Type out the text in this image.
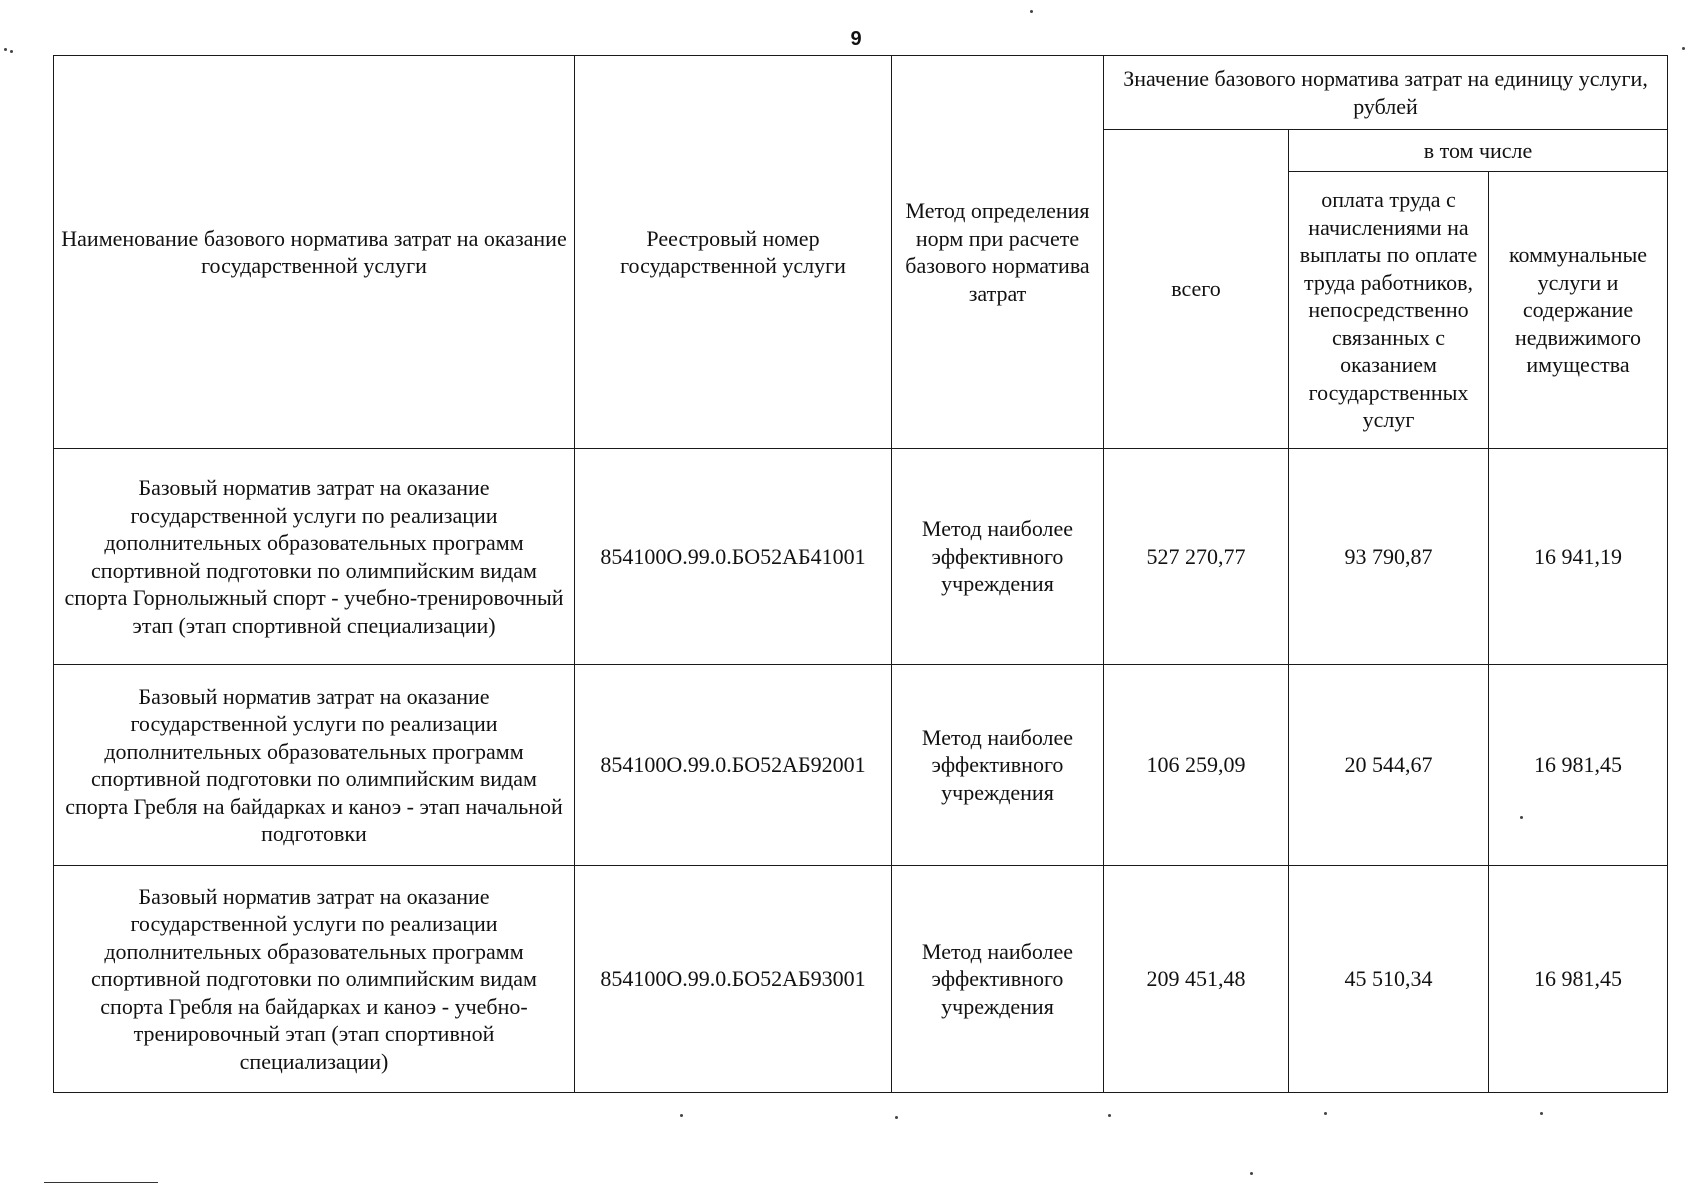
9
Наименование базового норматива затрат на оказание государственной услуги	Реестровый номер государственной услуги	Метод определения норм при расчете базового норматива затрат	Значение базового норматива затрат на единицу услуги, рублей		
			всего	в том числе	
				оплата труда с начислениями на выплаты по оплате труда работников, непосредственно связанных с оказанием государственных услуг	коммунальные услуги и содержание недвижимого имущества
Базовый норматив затрат на оказание государственной услуги по реализации дополнительных образовательных программ спортивной подготовки по олимпийским видам спорта Горнолыжный спорт - учебно-тренировочный этап (этап спортивной специализации)	854100О.99.0.БО52АБ41001	Метод наиболее эффективного учреждения	527 270,77	93 790,87	16 941,19
Базовый норматив затрат на оказание государственной услуги по реализации дополнительных образовательных программ спортивной подготовки по олимпийским видам спорта Гребля на байдарках и каноэ - этап начальной подготовки	854100О.99.0.БО52АБ92001	Метод наиболее эффективного учреждения	106 259,09	20 544,67	16 981,45
Базовый норматив затрат на оказание государственной услуги по реализации дополнительных образовательных программ спортивной подготовки по олимпийским видам спорта Гребля на байдарках и каноэ - учебно-тренировочный этап (этап спортивной специализации)	854100О.99.0.БО52АБ93001	Метод наиболее эффективного учреждения	209 451,48	45 510,34	16 981,45
